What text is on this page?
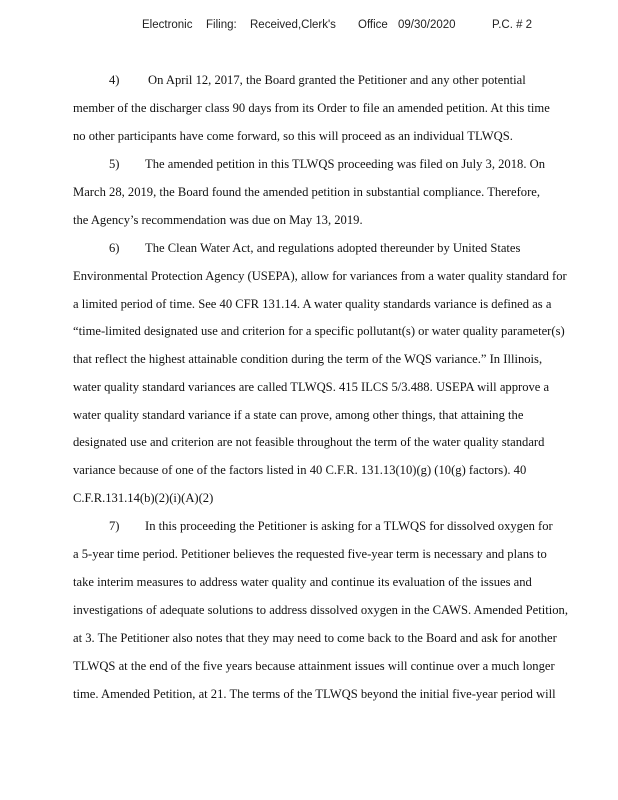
Electronic Filing: Received,Clerk's Office 09/30/2020	P.C. # 2
4) On April 12, 2017, the Board granted the Petitioner and any other potential
member of the discharger class 90 days from its Order to file an amended petition. At this time
no other participants have come forward, so this will proceed as an individual TLWQS.
5) The amended petition in this TLWQS proceeding was filed on July 3, 2018. On
March 28, 2019, the Board found the amended petition in substantial compliance. Therefore,
the Agency’s recommendation was due on May 13, 2019.
6) The Clean Water Act, and regulations adopted thereunder by United States
Environmental Protection Agency (USEPA), allow for variances from a water quality standard for
a limited period of time. See 40 CFR 131.14. A water quality standards variance is defined as a
“time-limited designated use and criterion for a specific pollutant(s) or water quality parameter(s)
that reflect the highest attainable condition during the term of the WQS variance.” In Illinois,
water quality standard variances are called TLWQS. 415 ILCS 5/3.488. USEPA will approve a
water quality standard variance if a state can prove, among other things, that attaining the
designated use and criterion are not feasible throughout the term of the water quality standard
variance because of one of the factors listed in 40 C.F.R. 131.13(10)(g) (10(g) factors). 40
C.F.R.131.14(b)(2)(i)(A)(2)
7) In this proceeding the Petitioner is asking for a TLWQS for dissolved oxygen for
a 5-year time period. Petitioner believes the requested five-year term is necessary and plans to
take interim measures to address water quality and continue its evaluation of the issues and
investigations of adequate solutions to address dissolved oxygen in the CAWS. Amended Petition,
at 3. The Petitioner also notes that they may need to come back to the Board and ask for another
TLWQS at the end of the five years because attainment issues will continue over a much longer
time. Amended Petition, at 21. The terms of the TLWQS beyond the initial five-year period will
